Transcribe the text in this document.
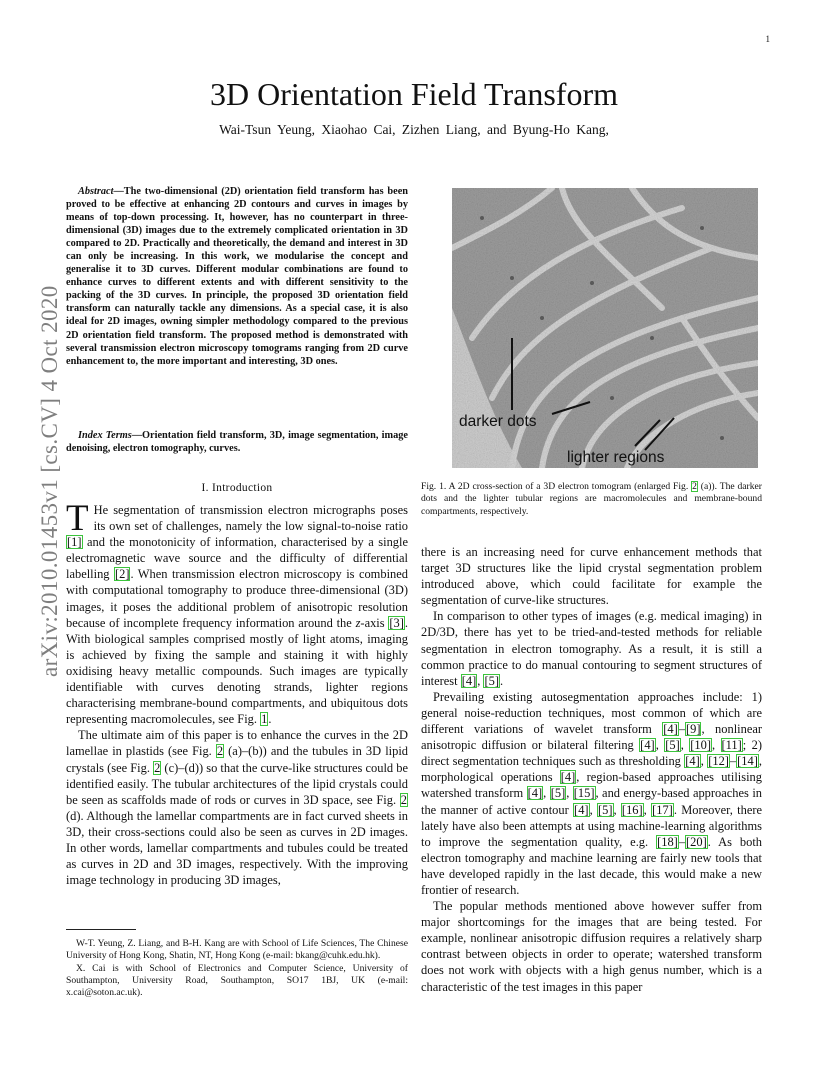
1
arXiv:2010.01453v1 [cs.CV] 4 Oct 2020
3D Orientation Field Transform
Wai-Tsun Yeung, Xiaohao Cai, Zizhen Liang, and Byung-Ho Kang,
Abstract—The two-dimensional (2D) orientation field transform has been proved to be effective at enhancing 2D contours and curves in images by means of top-down processing. It, however, has no counterpart in three-dimensional (3D) images due to the extremely complicated orientation in 3D compared to 2D. Practically and theoretically, the demand and interest in 3D can only be increasing. In this work, we modularise the concept and generalise it to 3D curves. Different modular combinations are found to enhance curves to different extents and with different sensitivity to the packing of the 3D curves. In principle, the proposed 3D orientation field transform can naturally tackle any dimensions. As a special case, it is also ideal for 2D images, owning simpler methodology compared to the previous 2D orientation field transform. The proposed method is demonstrated with several transmission electron microscopy tomograms ranging from 2D curve enhancement to, the more important and interesting, 3D ones.
Index Terms—Orientation field transform, 3D, image segmentation, image denoising, electron tomography, curves.
I. Introduction

T He segmentation of transmission electron micrographs poses its own set of challenges, namely the low signal-to-noise ratio [1] and the monotonicity of information, characterised by a single electromagnetic wave source and the difficulty of differential labelling [2]. When transmission electron microscopy is combined with computational tomography to produce three-dimensional (3D) images, it poses the additional problem of anisotropic resolution because of incomplete frequency information around the z-axis [3]. With biological samples comprised mostly of light atoms, imaging is achieved by fixing the sample and staining it with highly oxidising heavy metallic compounds. Such images are typically identifiable with curves denoting strands, lighter regions characterising membrane-bound compartments, and ubiquitous dots representing macromolecules, see Fig. 1.

The ultimate aim of this paper is to enhance the curves in the 2D lamellae in plastids (see Fig. 2 (a)–(b)) and the tubules in 3D lipid crystals (see Fig. 2 (c)–(d)) so that the curve-like structures could be identified easily. The tubular architectures of the lipid crystals could be seen as scaffolds made of rods or curves in 3D space, see Fig. 2 (d). Although the lamellar compartments are in fact curved sheets in 3D, their cross-sections could also be seen as curves in 2D images. In other words, lamellar compartments and tubules could be treated as curves in 2D and 3D images, respectively. With the improving image technology in producing 3D images,

W-T. Yeung, Z. Liang, and B-H. Kang are with School of Life Sciences, The Chinese University of Hong Kong, Shatin, NT, Hong Kong (e-mail: bkang@cuhk.edu.hk).

X. Cai is with School of Electronics and Computer Science, University of Southampton, University Road, Southampton, SO17 1BJ, UK (e-mail: x.cai@soton.ac.uk).

darker dots
lighter regions
Fig. 1. A 2D cross-section of a 3D electron tomogram (enlarged Fig. 2 (a)). The darker dots and the lighter tubular regions are macromolecules and membrane-bound compartments, respectively.

there is an increasing need for curve enhancement methods that target 3D structures like the lipid crystal segmentation problem introduced above, which could facilitate for example the segmentation of curve-like structures.

In comparison to other types of images (e.g. medical imaging) in 2D/3D, there has yet to be tried-and-tested methods for reliable segmentation in electron tomography. As a result, it is still a common practice to do manual contouring to segment structures of interest [4], [5].

Prevailing existing autosegmentation approaches include: 1) general noise-reduction techniques, most common of which are different variations of wavelet transform [4]–[9], nonlinear anisotropic diffusion or bilateral filtering [4], [5], [10], [11]; 2) direct segmentation techniques such as thresholding [4], [12]–[14], morphological operations [4], region-based approaches utilising watershed transform [4], [5], [15], and energy-based approaches in the manner of active contour [4], [5], [16], [17]. Moreover, there lately have also been attempts at using machine-learning algorithms to improve the segmentation quality, e.g. [18]–[20]. As both electron tomography and machine learning are fairly new tools that have developed rapidly in the last decade, this would make a new frontier of research.

The popular methods mentioned above however suffer from major shortcomings for the images that are being tested. For example, nonlinear anisotropic diffusion requires a relatively sharp contrast between objects in order to operate; watershed transform does not work with objects with a high genus number, which is a characteristic of the test images in this paper
